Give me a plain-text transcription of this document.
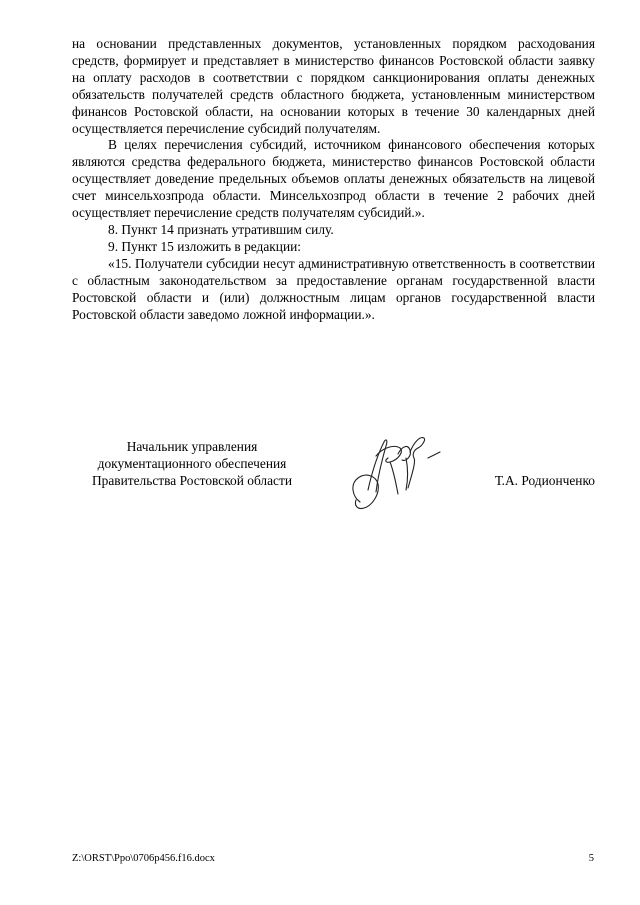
на основании представленных документов, установленных порядком расходования средств, формирует и представляет в министерство финансов Ростовской области заявку на оплату расходов в соответствии с порядком санкционирования оплаты денежных обязательств получателей средств областного бюджета, установленным министерством финансов Ростовской области, на основании которых в течение 30 календарных дней осуществляется перечисление субсидий получателям.

В целях перечисления субсидий, источником финансового обеспечения которых являются средства федерального бюджета, министерство финансов Ростовской области осуществляет доведение предельных объемов оплаты денежных обязательств на лицевой счет минсельхозпрода области. Минсельхозпрод области в течение 2 рабочих дней осуществляет перечисление средств получателям субсидий.».

8. Пункт 14 признать утратившим силу.

9. Пункт 15 изложить в редакции:

«15. Получатели субсидии несут административную ответственность в соответствии с областным законодательством за предоставление органам государственной власти Ростовской области и (или) должностным лицам органов государственной власти Ростовской области заведомо ложной информации.».

Начальник управления
документационного обеспечения
Правительства Ростовской области	Т.А. Родионченко
Z:\ORST\Ppo\0706p456.f16.docx	5
